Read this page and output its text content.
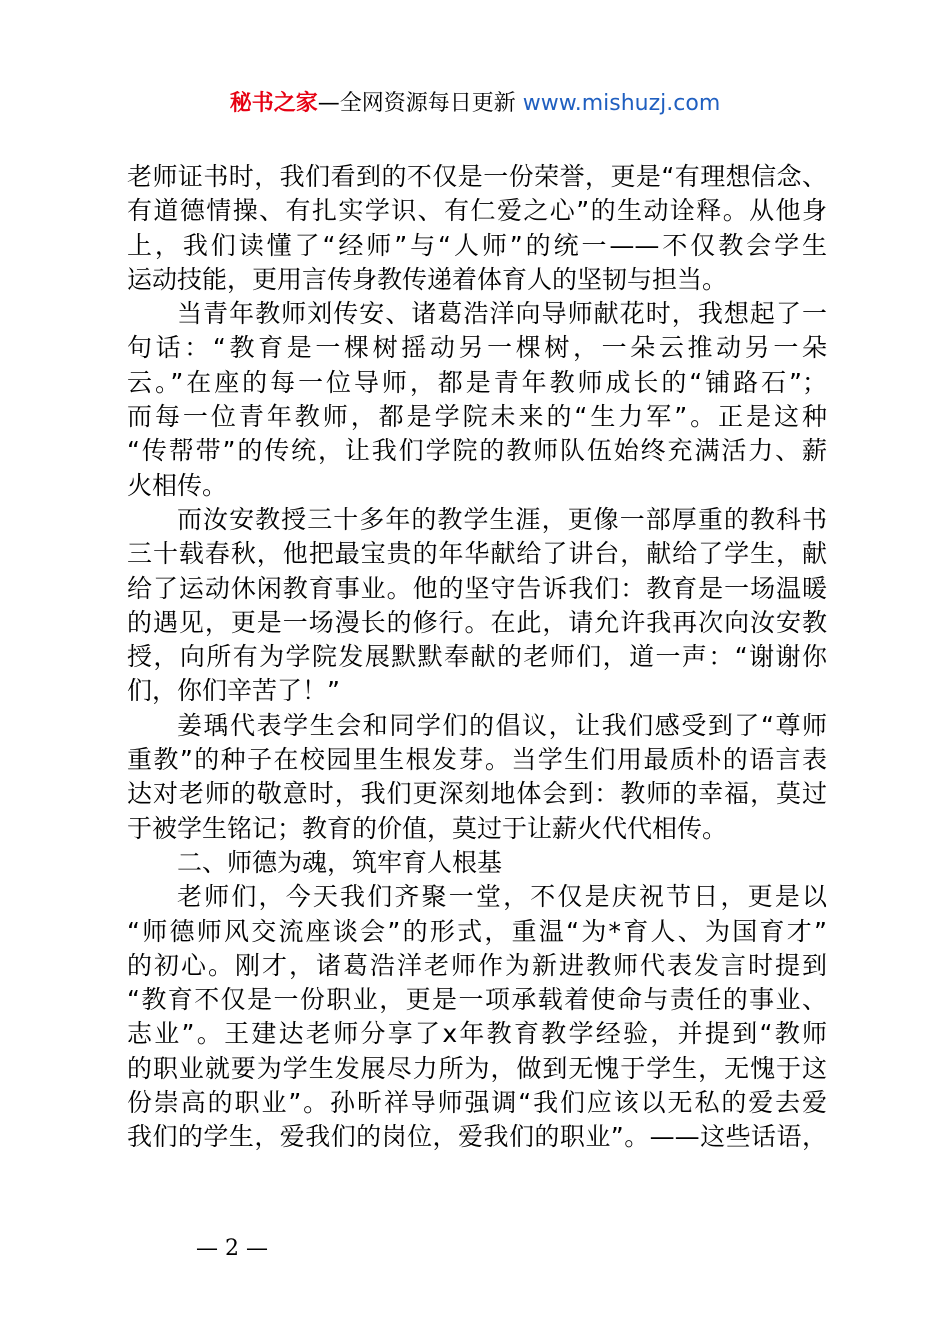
秘书之家—全网资源每日更新 www.mishuzj.com
老师证书时，我们看到的不仅是一份荣誉，更是“有理想信念、
有道德情操、有扎实学识、有仁爱之心”的生动诠释。从他身
上，我们读懂了“经师”与“人师”的统一——不仅教会学生
运动技能，更用言传身教传递着体育人的坚韧与担当。
当青年教师刘传安、诸葛浩洋向导师献花时，我想起了一
句话：“教育是一棵树摇动另一棵树，一朵云推动另一朵
云。”在座的每一位导师，都是青年教师成长的“铺路石”；
而每一位青年教师，都是学院未来的“生力军”。正是这种
“传帮带”的传统，让我们学院的教师队伍始终充满活力、薪
火相传。
而汝安教授三十多年的教学生涯，更像一部厚重的教科书
三十载春秋，他把最宝贵的年华献给了讲台，献给了学生，献
给了运动休闲教育事业。他的坚守告诉我们：教育是一场温暖
的遇见，更是一场漫长的修行。在此，请允许我再次向汝安教
授，向所有为学院发展默默奉献的老师们，道一声：“谢谢你
们，你们辛苦了！”
姜瑀代表学生会和同学们的倡议，让我们感受到了“尊师
重教”的种子在校园里生根发芽。当学生们用最质朴的语言表
达对老师的敬意时，我们更深刻地体会到：教师的幸福，莫过
于被学生铭记；教育的价值，莫过于让薪火代代相传。
二、师德为魂，筑牢育人根基
老师们，今天我们齐聚一堂，不仅是庆祝节日，更是以
“师德师风交流座谈会”的形式，重温“为*育人、为国育才”
的初心。刚才，诸葛浩洋老师作为新进教师代表发言时提到
“教育不仅是一份职业，更是一项承载着使命与责任的事业、
志业”。王建达老师分享了x年教育教学经验，并提到“教师
的职业就要为学生发展尽力所为，做到无愧于学生，无愧于这
份崇高的职业”。孙昕祥导师强调“我们应该以无私的爱去爱
我们的学生，爱我们的岗位，爱我们的职业”。——这些话语，
— 2 —
